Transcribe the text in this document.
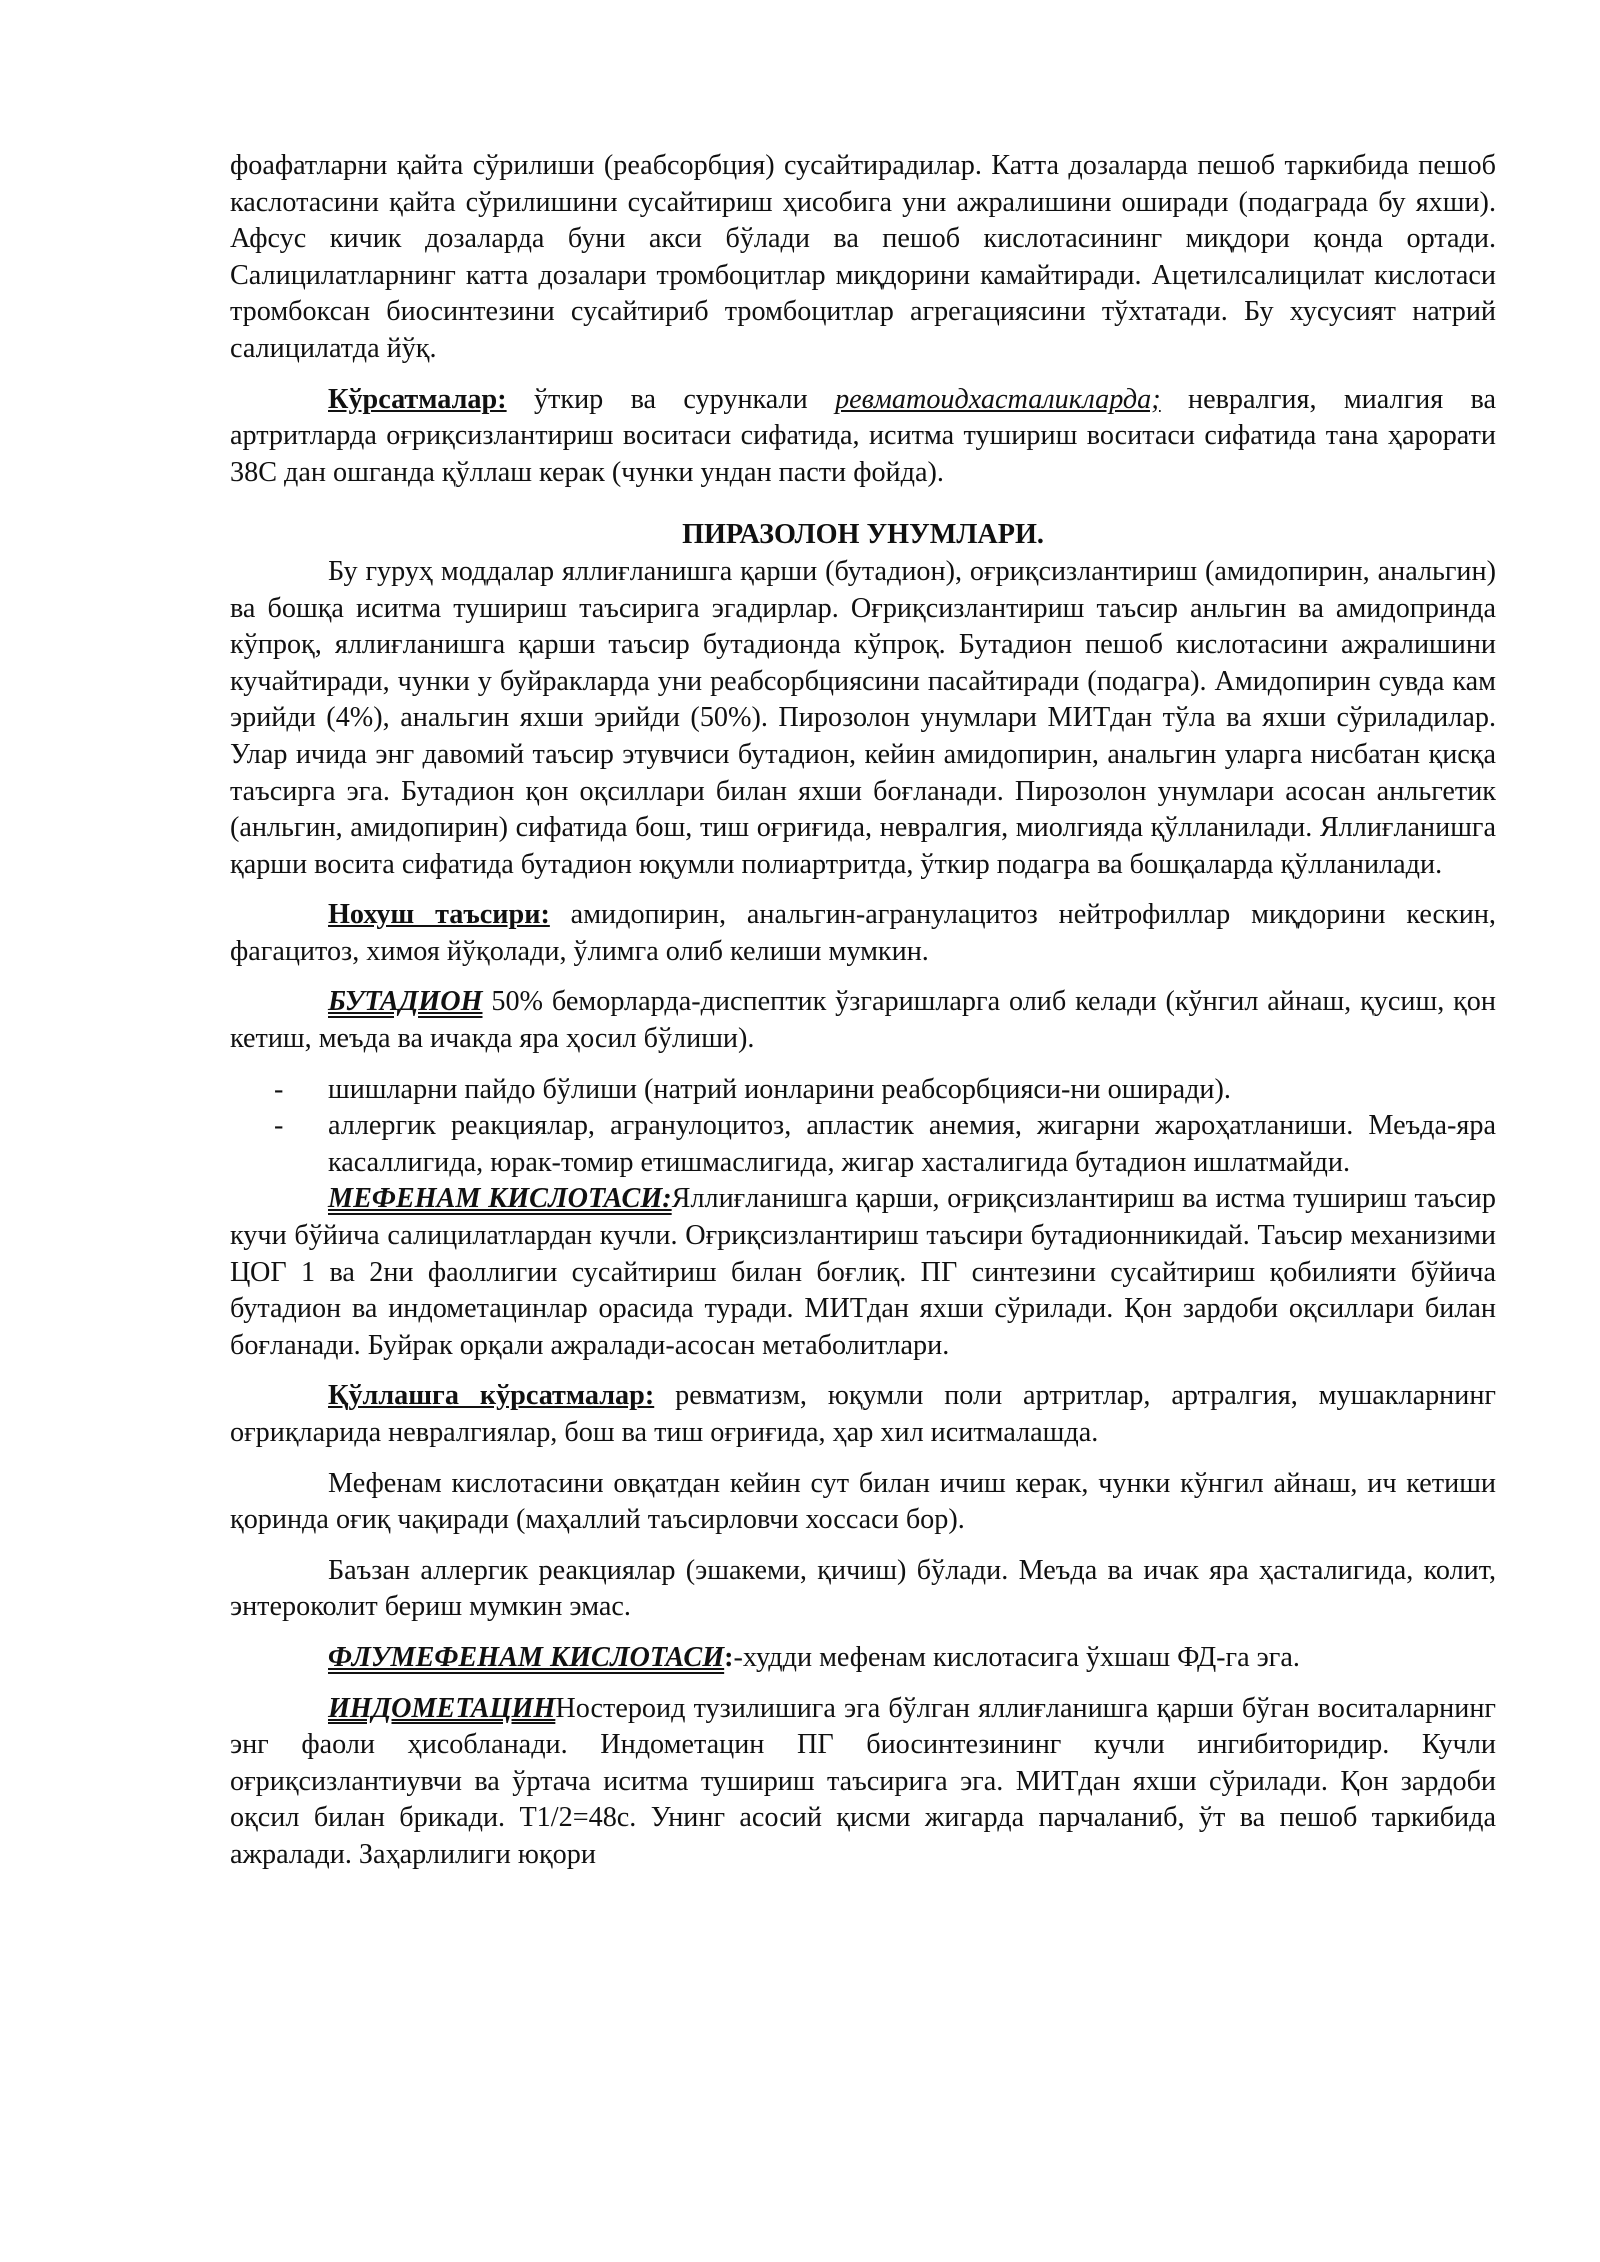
фоафатларни қайта сўрилиши (реабсорбция) сусайтирадилар. Катта дозаларда пешоб таркибида пешоб каслотасини қайта сўрилишини сусайтириш ҳисобига уни ажралишини оширади (подаграда бу яхши). Афсус кичик дозаларда буни акси бўлади ва пешоб кислотасининг миқдори қонда ортади. Салицилатларнинг катта дозалари тромбоцитлар миқдорини камайтиради. Ацетилсалицилат кислотаси тромбоксан биосинтезини сусайтириб тромбоцитлар агрегациясини тўхтатади. Бу хусусият натрий салицилатда йўқ.

Кўрсатмалар: ўткир ва сурункали ревматоидхасталикларда; невралгия, миалгия ва артритларда оғриқсизлантириш воситаси сифатида, иситма тушириш воситаси сифатида тана ҳарорати 38С дан ошганда қўллаш керак (чунки ундан пасти фойда).

ПИРАЗОЛОН УНУМЛАРИ.

Бу гуруҳ моддалар яллиғланишга қарши (бутадион), оғриқсизлантириш (амидопирин, анальгин) ва бошқа иситма тушириш таъсирига эгадирлар. Оғриқсизлантириш таъсир анльгин ва амидопринда кўпроқ, яллиғланишга қарши таъсир бутадионда кўпроқ. Бутадион пешоб кислотасини ажралишини кучайтиради, чунки у буйракларда уни реабсорбциясини пасайтиради (подагра). Амидопирин сувда кам эрийди (4%), анальгин яхши эрийди (50%). Пирозолон унумлари МИТдан тўла ва яхши сўриладилар. Улар ичида энг давомий таъсир этувчиси бутадион, кейин амидопирин, анальгин уларга нисбатан қисқа таъсирга эга. Бутадион қон оқсиллари билан яхши боғланади. Пирозолон унумлари асосан анльгетик (анльгин, амидопирин) сифатида бош, тиш оғриғида, невралгия, миолгияда қўлланилади. Яллиғланишга қарши восита сифатида бутадион юқумли полиартритда, ўткир подагра ва бошқаларда қўлланилади.

Нохуш таъсири: амидопирин, анальгин-агранулацитоз нейтрофиллар миқдорини кескин, фагацитоз, химоя йўқолади, ўлимга олиб келиши мумкин.

БУТАДИОН 50% беморларда-диспептик ўзгаришларга олиб келади (кўнгил айнаш, қусиш, қон кетиш, меъда ва ичакда яра ҳосил бўлиши).

- шишларни пайдо бўлиши (натрий ионларини реабсорбцияси-ни оширади).
- аллергик реакциялар, агранулоцитоз, апластик анемия, жигарни жароҳатланиши. Меъда-яра касаллигида, юрак-томир етишмаслигида, жигар хасталигида бутадион ишлатмайди.

МЕФЕНАМ КИСЛОТАСИ:Яллиғланишга қарши, оғриқсизлантириш ва истма тушириш таъсир кучи бўйича салицилатлардан кучли. Оғриқсизлантириш таъсири бутадионникидай. Таъсир механизими ЦОГ 1 ва 2ни фаоллигии сусайтириш билан боғлиқ. ПГ синтезини сусайтириш қобилияти бўйича бутадион ва индометацинлар орасида туради. МИТдан яхши сўрилади. Қон зардоби оқсиллари билан боғланади. Буйрак орқали ажралади-асосан метаболитлари.

Қўллашга кўрсатмалар: ревматизм, юқумли поли артритлар, артралгия, мушакларнинг оғриқларида невралгиялар, бош ва тиш оғриғида, ҳар хил иситмалашда.

Мефенам кислотасини овқатдан кейин сут билан ичиш керак, чунки кўнгил айнаш, ич кетиши қоринда оғиқ чақиради (маҳаллий таъсирловчи хоссаси бор).

Баъзан аллергик реакциялар (эшакеми, қичиш) бўлади. Меъда ва ичак яра ҳасталигида, колит, энтероколит бериш мумкин эмас.

ФЛУМЕФЕНАМ КИСЛОТАСИ:-худди мефенам кислотасига ўхшаш ФД-га эга.

ИНДОМЕТАЦИННостероид тузилишига эга бўлган яллиғланишга қарши бўган воситаларнинг энг фаоли ҳисобланади. Индометацин ПГ биосинтезининг кучли ингибиторидир. Кучли оғриқсизлантиувчи ва ўртача иситма тушириш таъсирига эга. МИТдан яхши сўрилади. Қон зардоби оқсил билан брикади. Т1/2=48с. Унинг асосий қисми жигарда парчаланиб, ўт ва пешоб таркибида ажралади. Заҳарлилиги юқори
